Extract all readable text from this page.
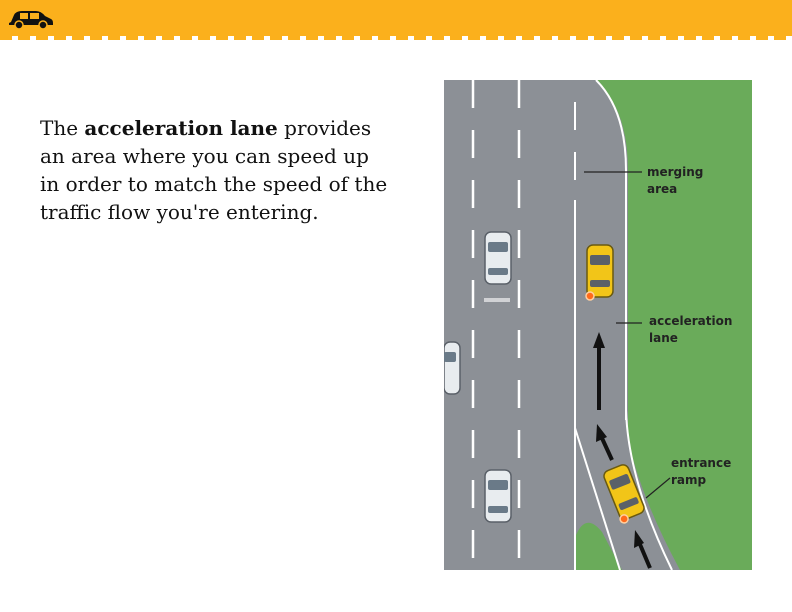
The acceleration lane provides an area where you can speed up in order to match the speed of the traffic flow you're entering.

merging
area
acceleration
lane
entrance
ramp
